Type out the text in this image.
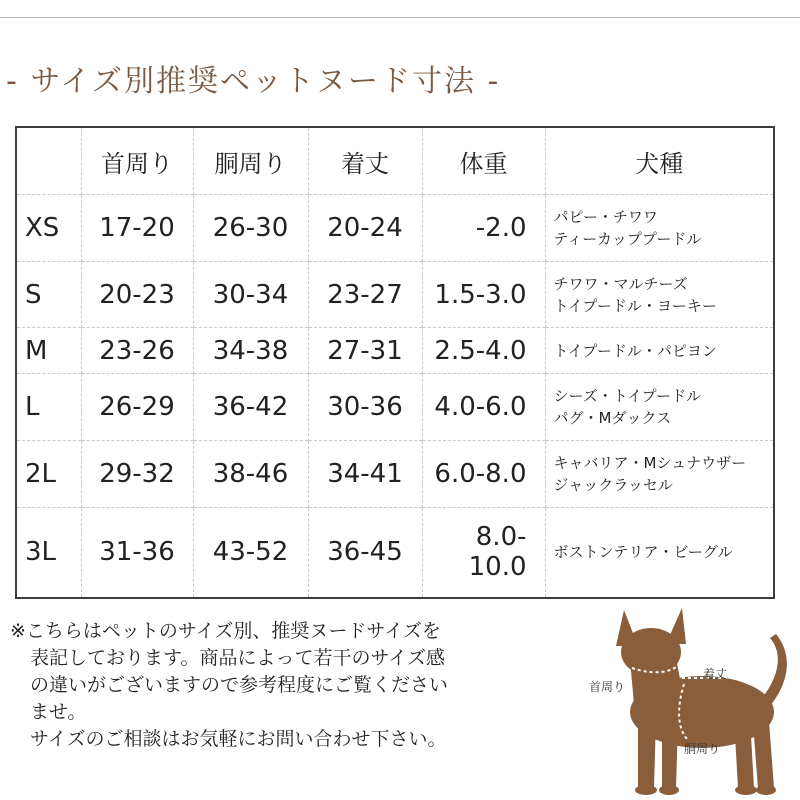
- サイズ別推奨ペットヌード寸法 -
	首周り	胴周り	着丈	体重	犬種
XS	17-20	26-30	20-24	-2.0	パピー・チワワ
ティーカッププードル

S	20-23	30-34	23-27	1.5-3.0	チワワ・マルチーズ
トイプードル・ヨーキー

M	23-26	34-38	27-31	2.5-4.0	トイプードル・パピヨン

L	26-29	36-42	30-36	4.0-6.0	シーズ・トイプードル
パグ・Mダックス

2L	29-32	38-46	34-41	6.0-8.0	キャバリア・Mシュナウザー
ジャックラッセル

3L	31-36	43-52	36-45	8.0-10.0	ボストンテリア・ビーグル
※こちらはペットのサイズ別、推奨ヌードサイズを
表記しております。商品によって若干のサイズ感
の違いがございますので参考程度にご覧ください
ませ。
サイズのご相談はお気軽にお問い合わせ下さい。
首周り
着丈
胴周り
